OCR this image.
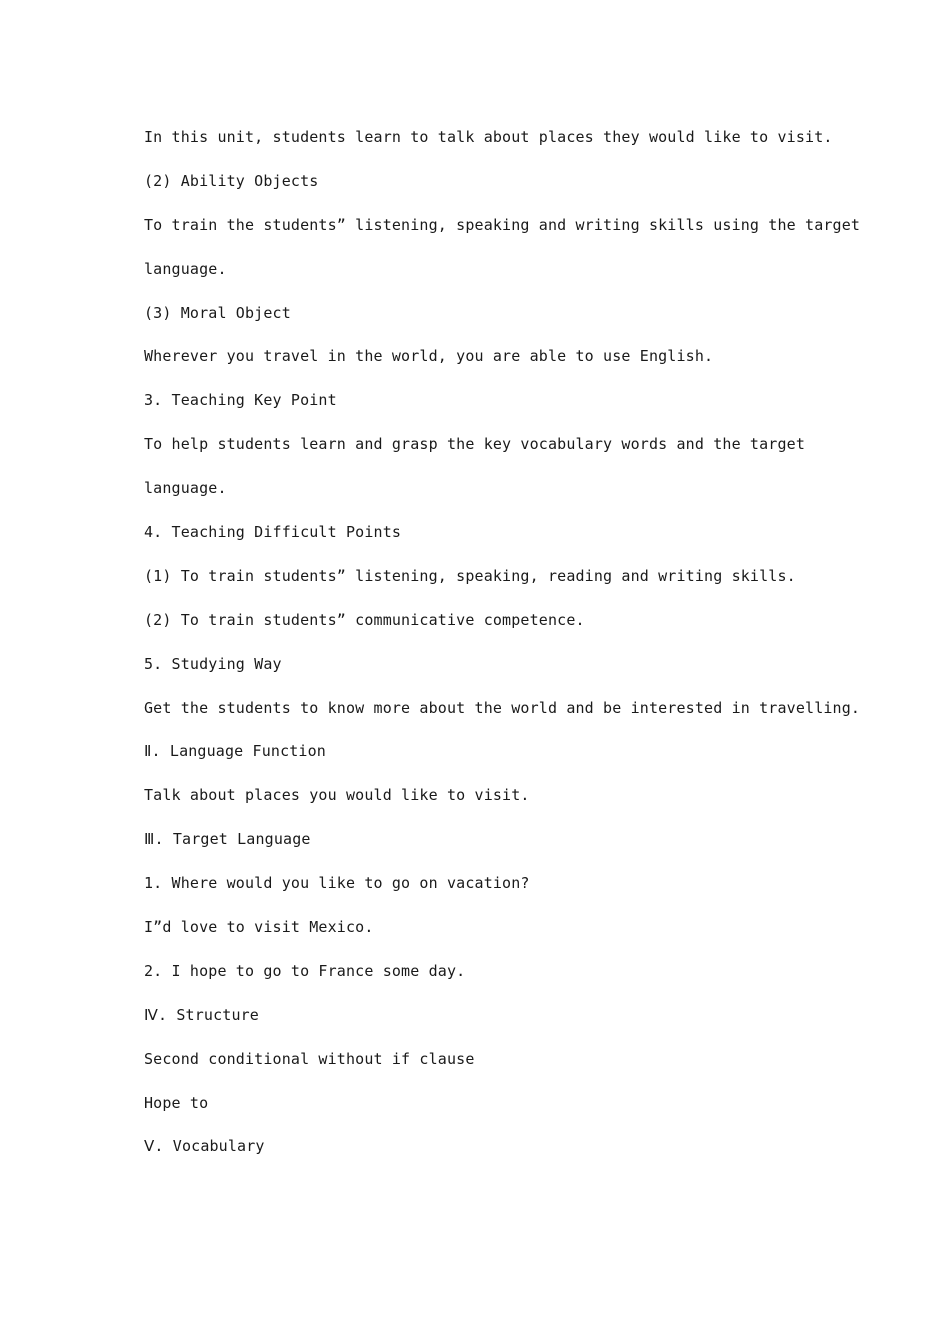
In this unit, students learn to talk about places they would like to visit.
(2) Ability Objects
To train the students” listening, speaking and writing skills using the target
language.
(3) Moral Object
Wherever you travel in the world, you are able to use English.
3. Teaching Key Point
To help students learn and grasp the key vocabulary words and the target
language.
4. Teaching Difficult Points
(1) To train students” listening, speaking, reading and writing skills.
(2) To train students” communicative competence.
5. Studying Way
Get the students to know more about the world and be interested in travelling.
Ⅱ. Language Function
Talk about places you would like to visit.
Ⅲ. Target Language
1. Where would you like to go on vacation?
I”d love to visit Mexico.
2. I hope to go to France some day.
Ⅳ. Structure
Second conditional without if clause
Hope to
Ⅴ. Vocabulary
